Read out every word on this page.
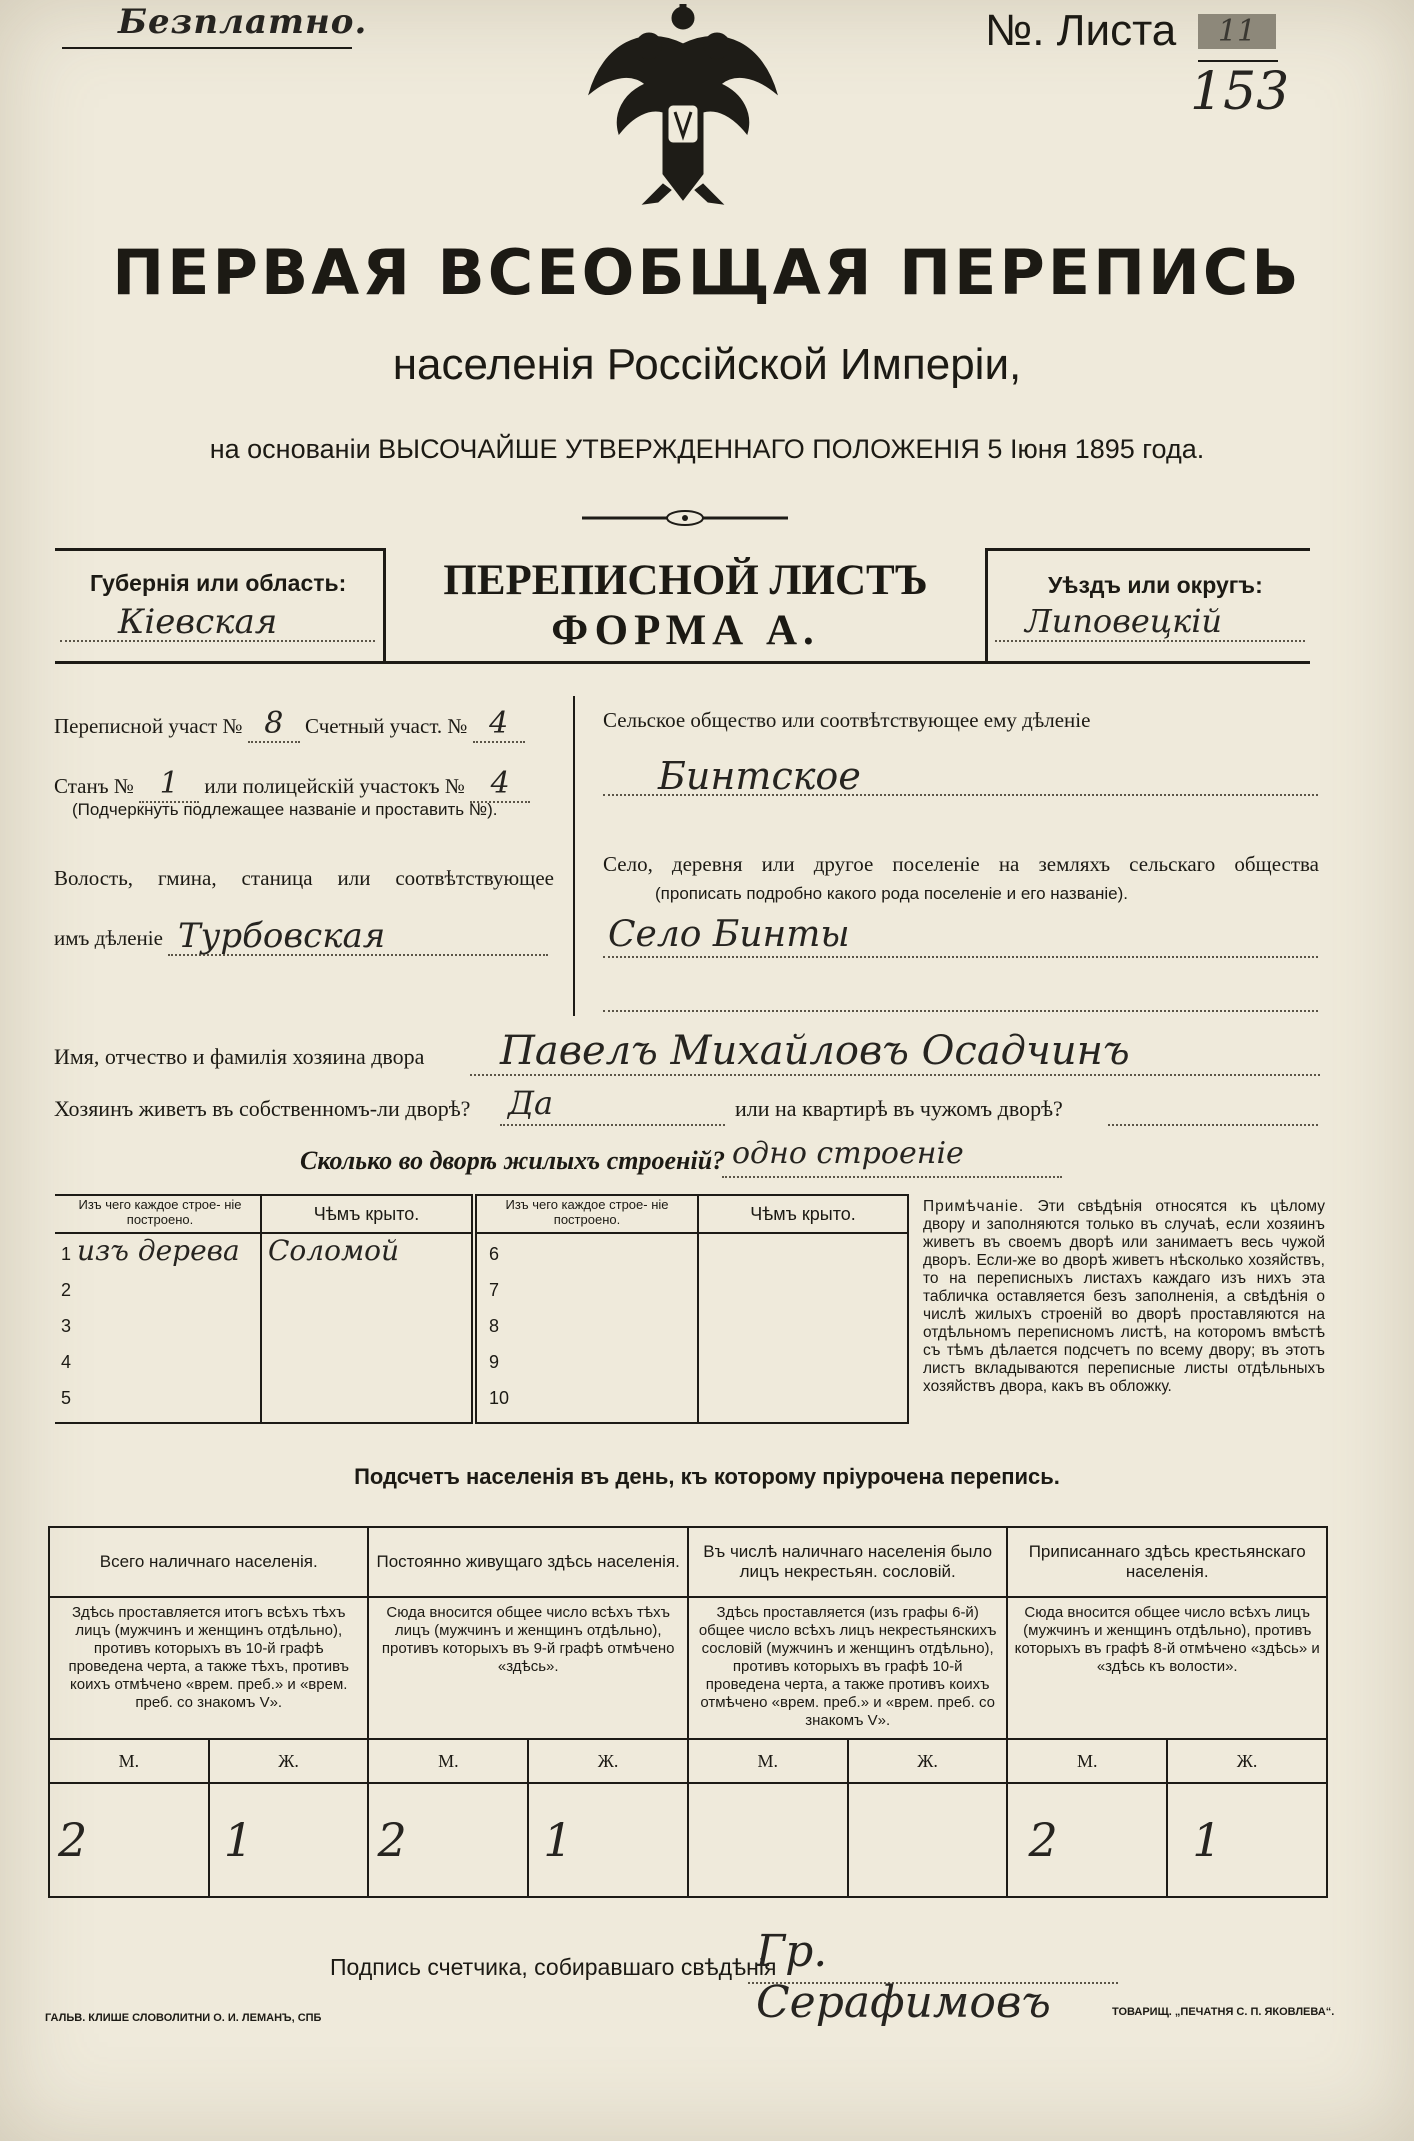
Безплатно.	№. Листа	11
153
ПЕРВАЯ ВСЕОБЩАЯ ПЕРЕПИСЬ
населенія Россійской Имперіи,
на основаніи ВЫСОЧАЙШЕ УТВЕРЖДЕННАГО ПОЛОЖЕНІЯ 5 Іюня 1895 года.
Губернія или область:
Кіевская
ПЕРЕПИСНОЙ ЛИСТЪ
ФОРМА А.
Уѣздъ или округъ:
Липовецкій
Переписной участ № 8 Счетный участ. № 4
Станъ № 1 или полицейскій участокъ № 4
(Подчеркнуть подлежащее названіе и проставить №).
Волость, гмина, станица или соотвѣтствующее
имъ дѣленіе Турбовская
Сельское общество или соотвѣтствующее ему дѣленіе
Бинтское
Село, деревня или другое поселеніе на земляхъ сельскаго общества
(прописать подробно какого рода поселеніе и его названіе).
Село Бинты
Имя, отчество и фамилія хозяина двора Павелъ Михайловъ Осадчинъ
Хозяинъ живетъ въ собственномъ-ли дворѣ? Да	или на квартирѣ въ чужомъ дворѣ?
Сколько во дворѣ жилыхъ строеній? одно строеніе
Изъ чего каждое строе- ніе построено.	Чѣмъ крыто.
1 изъ дерева	Соломой
2
3
4
5
Изъ чего каждое строе- ніе построено.	Чѣмъ крыто.
6
7
8
9
10
Примѣчаніе. Эти свѣдѣнія относятся къ цѣлому двору и заполняются только въ случаѣ, если хозяинъ живетъ въ своемъ дворѣ или занимаетъ весь чужой дворъ. Если-же во дворѣ живетъ нѣсколько хозяйствъ, то на переписныхъ листахъ каждаго изъ нихъ эта табличка оставляется безъ заполненія, а свѣдѣнія о числѣ жилыхъ строеній во дворѣ проставляются на отдѣльномъ переписномъ листѣ, на которомъ вмѣстѣ съ тѣмъ дѣлается подсчетъ по всему двору; въ этотъ листъ вкладываются переписные листы отдѣльныхъ хозяйствъ двора, какъ въ обложку.
Подсчетъ населенія въ день, къ которому пріурочена перепись.
Всего наличнаго населенія.		Постоянно живущаго здѣсь населенія.		Въ числѣ наличнаго населенія было лицъ некрестьян. сословій.		Приписаннаго здѣсь крестьянскаго населенія.	
Здѣсь проставляется итогъ всѣхъ тѣхъ лицъ (мужчинъ и женщинъ отдѣльно), противъ которыхъ въ 10-й графѣ проведена черта, а также тѣхъ, противъ коихъ отмѣчено «врем. преб.» и «врем. преб. со знакомъ V».		Сюда вносится общее число всѣхъ тѣхъ лицъ (мужчинъ и женщинъ отдѣльно), противъ которыхъ въ 9-й графѣ отмѣчено «здѣсь».		Здѣсь проставляется (изъ графы 6-й) общее число всѣхъ лицъ некрестьянскихъ сословій (мужчинъ и женщинъ отдѣльно), противъ которыхъ въ графѣ 10-й проведена черта, а также противъ коихъ отмѣчено «врем. преб.» и «врем. преб. со знакомъ V».		Сюда вносится общее число всѣхъ лицъ (мужчинъ и женщинъ отдѣльно), противъ которыхъ въ графѣ 8-й отмѣчено «здѣсь» и «здѣсь къ волости».	
М.	Ж.	М.	Ж.	М.	Ж.	М.	Ж.
2	1	2	1			2	1
Подпись счетчика, собиравшаго свѣдѣнія
Гр. Серафимовъ
ГАЛЬВ. КЛИШЕ СЛОВОЛИТНИ О. И. ЛЕМАНЪ, СПБ	ТОВАРИЩ. „ПЕЧАТНЯ С. П. ЯКОВЛЕВА“.
